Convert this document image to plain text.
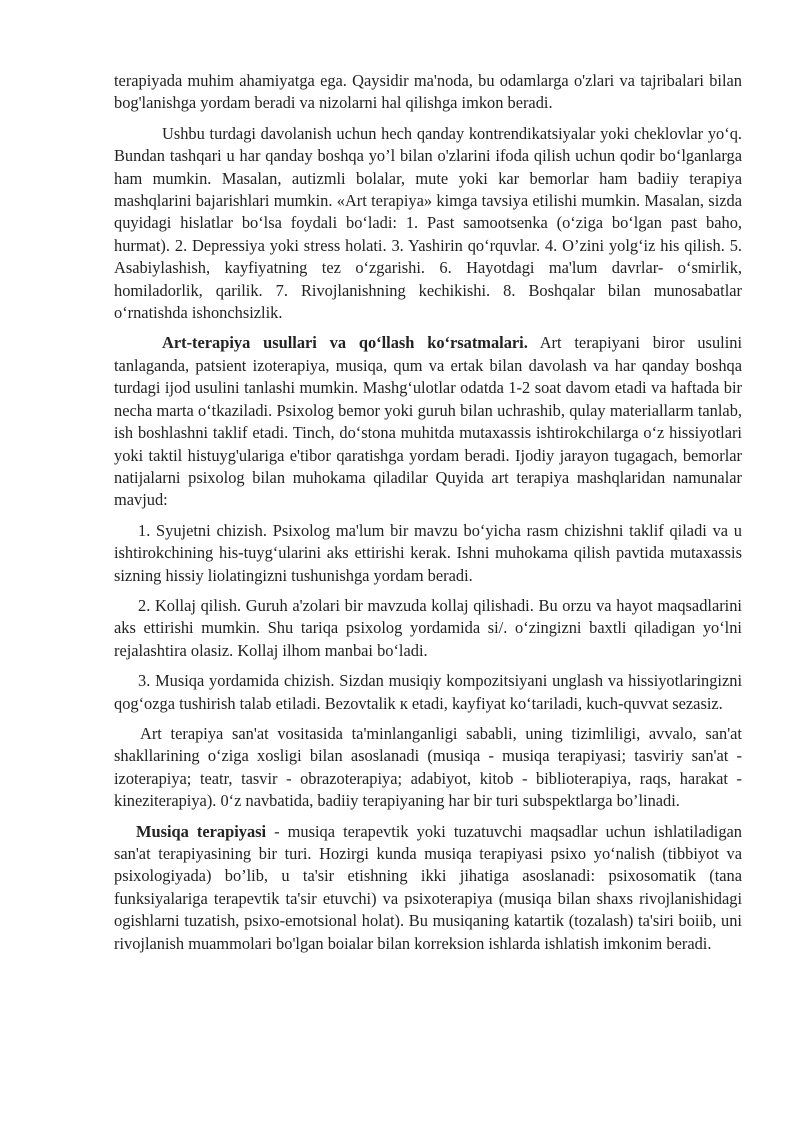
terapiyada muhim ahamiyatga ega. Qaysidir ma'noda, bu odamlarga o'zlari va tajribalari bilan bog'lanishga yordam beradi va nizolarni hal qilishga imkon beradi.

Ushbu turdagi davolanish uchun hech qanday kontrendikatsiyalar yoki cheklovlar yo‘q. Bundan tashqari u har qanday boshqa yo’l bilan o'zlarini ifoda qilish uchun qodir bo‘lganlarga ham mumkin. Masalan, autizmli bolalar, mute yoki kar bemorlar ham badiiy terapiya mashqlarini bajarishlari mumkin. «Art terapiya» kimga tavsiya etilishi mumkin. Masalan, sizda quyidagi hislatlar bo‘lsa foydali bo‘ladi: 1. Past samootsenka (o‘ziga bo‘lgan past baho, hurmat). 2. Depressiya yoki stress holati. 3. Yashirin qo‘rquvlar. 4. O’zini yolg‘iz his qilish. 5. Asabiylashish, kayfiyatning tez o‘zgarishi. 6. Hayotdagi ma'lum davrlar- o‘smirlik, homiladorlik, qarilik. 7. Rivojlanishning kechikishi. 8. Boshqalar bilan munosabatlar o‘rnatishda ishonchsizlik.

Art-terapiya usullari va qo‘llash ko‘rsatmalari. Art terapiyani biror usulini tanlaganda, patsient izoterapiya, musiqa, qum va ertak bilan davolash va har qanday boshqa turdagi ijod usulini tanlashi mumkin. Mashg‘ulotlar odatda 1-2 soat davom etadi va haftada bir necha marta o‘tkaziladi. Psixolog bemor yoki guruh bilan uchrashib, qulay materiallarm tanlab, ish boshlashni taklif etadi. Tinch, do‘stona muhitda mutaxassis ishtirokchilarga o‘z hissiyotlari yoki taktil histuyg'ulariga e'tibor qaratishga yordam beradi. Ijodiy jarayon tugagach, bemorlar natijalarni psixolog bilan muhokama qiladilar Quyida art terapiya mashqlaridan namunalar mavjud:

1. Syujetni chizish. Psixolog ma'lum bir mavzu bo‘yicha rasm chizishni taklif qiladi va u ishtirokchining his-tuyg‘ularini aks ettirishi kerak. Ishni muhokama qilish pavtida mutaxassis sizning hissiy liolatingizni tushunishga yordam beradi.

2. Kollaj qilish. Guruh a'zolari bir mavzuda kollaj qilishadi. Bu orzu va hayot maqsadlarini aks ettirishi mumkin. Shu tariqa psixolog yordamida si/. o‘zingizni baxtli qiladigan yo‘lni rejalashtira olasiz. Kollaj ilhom manbai bo‘ladi.

3. Musiqa yordamida chizish. Sizdan musiqiy kompozitsiyani unglash va hissiyotlaringizni qog‘ozga tushirish talab etiladi. Bezovtalik к etadi, kayfiyat ko‘tariladi, kuch-quvvat sezasiz.

Art terapiya san'at vositasida ta'minlanganligi sababli, uning tizimliligi, avvalo, san'at shakllarining o‘ziga xosligi bilan asoslanadi (musiqa - musiqa terapiyasi; tasviriy san'at - izoterapiya; teatr, tasvir - obrazoterapiya; adabiyot, kitob - biblioterapiya, raqs, harakat - kineziterapiya). 0‘z navbatida, badiiy terapiyaning har bir turi subspektlarga bo’linadi.

Musiqa terapiyasi - musiqa terapevtik yoki tuzatuvchi maqsadlar uchun ishlatiladigan san'at terapiyasining bir turi. Hozirgi kunda musiqa terapiyasi psixo yo‘nalish (tibbiyot va psixologiyada) bo’lib, u ta'sir etishning ikki jihatiga asoslanadi: psixosomatik (tana funksiyalariga terapevtik ta'sir etuvchi) va psixoterapiya (musiqa bilan shaxs rivojlanishidagi ogishlarni tuzatish, psixo-emotsional holat). Bu musiqaning katartik (tozalash) ta'siri boiib, uni rivojlanish muammolari bo'lgan boialar bilan korreksion ishlarda ishlatish imkonim beradi.
